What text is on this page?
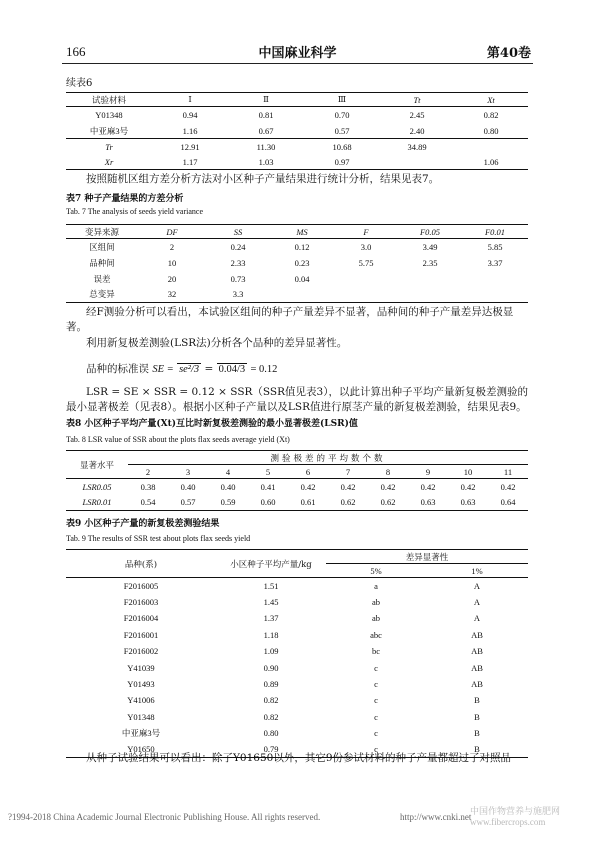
166	中国麻业科学	第40卷
续表6
试验材料	Ⅰ	Ⅱ	Ⅲ	Tt	Xt
Y01348	0.94	0.81	0.70	2.45	0.82
中亚麻3号	1.16	0.67	0.57	2.40	0.80
Tr	12.91	11.30	10.68	34.89	
Xr	1.17	1.03	0.97		1.06
按照随机区组方差分析方法对小区种子产量结果进行统计分析，结果见表7。
表7 种子产量结果的方差分析
Tab. 7 The analysis of seeds yield variance
变异来源	DF	SS	MS	F	F0.05	F0.01
区组间	2	0.24	0.12	3.0	3.49	5.85
品种间	10	2.33	0.23	5.75	2.35	3.37
误差	20	0.73	0.04			
总变异	32	3.3				
经F测验分析可以看出，本试验区组间的种子产量差异不显著，品种间的种子产量差异达极显著。
利用新复极差测验(LSR法)分析各个品种的差异显著性。
品种的标准误 SE = se²/3 = 0.04/3 = 0.12
LSR = SE × SSR = 0.12 × SSR（SSR值见表3），以此计算出种子平均产量新复极差测验的最小显著极差（见表8）。根据小区种子产量以及LSR值进行原茎产量的新复极差测验，结果见表9。
表8 小区种子平均产量(Xt)互比时新复极差测验的最小显著极差(LSR)值
Tab. 8 LSR value of SSR about the plots flax seeds average yield (Xt)
显著水平	测验极差的平均数个数									
	2	3	4	5	6	7	8	9	10	11
LSR0.05	0.38	0.40	0.40	0.41	0.42	0.42	0.42	0.42	0.42	0.42
LSR0.01	0.54	0.57	0.59	0.60	0.61	0.62	0.62	0.63	0.63	0.64
表9 小区种子产量的新复极差测验结果
Tab. 9 The results of SSR test about plots flax seeds yield
品种(系)	小区种子平均产量/kg	差异显著性	
		5%	1%
F2016005	1.51	a	A
F2016003	1.45	ab	A
F2016004	1.37	ab	A
F2016001	1.18	abc	AB
F2016002	1.09	bc	AB
Y41039	0.90	c	AB
Y01493	0.89	c	AB
Y41006	0.82	c	B
Y01348	0.82	c	B
中亚麻3号	0.80	c	B
Y01650	0.79	c	B
从种子试验结果可以看出：除了Y01650以外，其它9份参试材料的种子产量都超过了对照品
?1994-2018 China Academic Journal Electronic Publishing House. All rights reserved.	http://www.cnki.net
中国作物营养与施肥网 www.fibercrops.com
